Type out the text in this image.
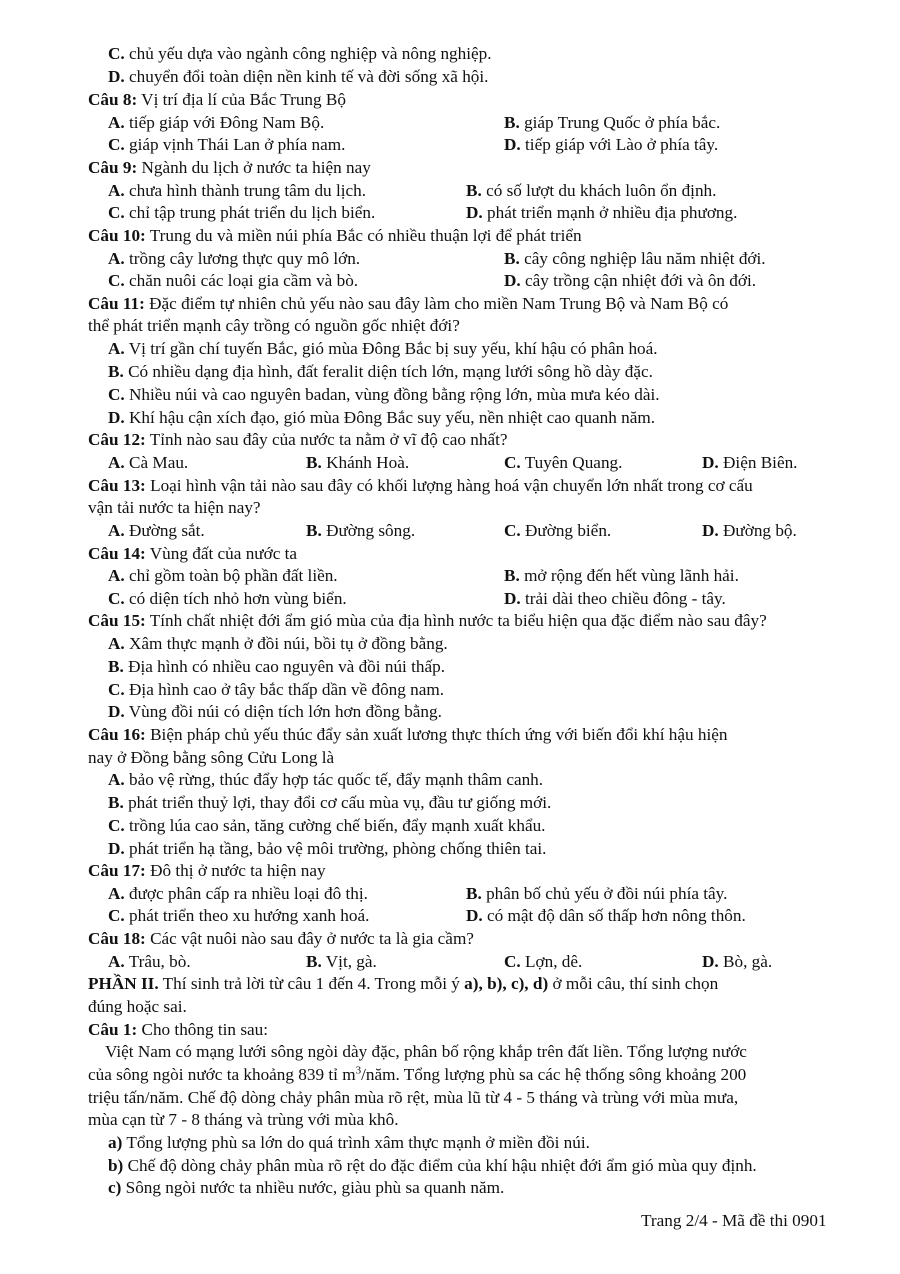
C. chủ yếu dựa vào ngành công nghiệp và nông nghiệp.
D. chuyển đổi toàn diện nền kinh tế và đời sống xã hội.
Câu 8: Vị trí địa lí của Bắc Trung Bộ
A. tiếp giáp với Đông Nam Bộ.	B. giáp Trung Quốc ở phía bắc.
C. giáp vịnh Thái Lan ở phía nam.	D. tiếp giáp với Lào ở phía tây.
Câu 9: Ngành du lịch ở nước ta hiện nay
A. chưa hình thành trung tâm du lịch.	B. có số lượt du khách luôn ổn định.
C. chỉ tập trung phát triển du lịch biển.	D. phát triển mạnh ở nhiều địa phương.
Câu 10: Trung du và miền núi phía Bắc có nhiều thuận lợi để phát triển
A. trồng cây lương thực quy mô lớn.	B. cây công nghiệp lâu năm nhiệt đới.
C. chăn nuôi các loại gia cầm và bò.	D. cây trồng cận nhiệt đới và ôn đới.
Câu 11: Đặc điểm tự nhiên chủ yếu nào sau đây làm cho miền Nam Trung Bộ và Nam Bộ có
thể phát triển mạnh cây trồng có nguồn gốc nhiệt đới?
A. Vị trí gần chí tuyến Bắc, gió mùa Đông Bắc bị suy yếu, khí hậu có phân hoá.
B. Có nhiều dạng địa hình, đất feralit diện tích lớn, mạng lưới sông hồ dày đặc.
C. Nhiều núi và cao nguyên badan, vùng đồng bằng rộng lớn, mùa mưa kéo dài.
D. Khí hậu cận xích đạo, gió mùa Đông Bắc suy yếu, nền nhiệt cao quanh năm.
Câu 12: Tỉnh nào sau đây của nước ta nằm ở vĩ độ cao nhất?
A. Cà Mau.	B. Khánh Hoà.	C. Tuyên Quang.	D. Điện Biên.
Câu 13: Loại hình vận tải nào sau đây có khối lượng hàng hoá vận chuyển lớn nhất trong cơ cấu
vận tải nước ta hiện nay?
A. Đường sắt.	B. Đường sông.	C. Đường biển.	D. Đường bộ.
Câu 14: Vùng đất của nước ta
A. chỉ gồm toàn bộ phần đất liền.	B. mở rộng đến hết vùng lãnh hải.
C. có diện tích nhỏ hơn vùng biển.	D. trải dài theo chiều đông - tây.
Câu 15: Tính chất nhiệt đới ẩm gió mùa của địa hình nước ta biểu hiện qua đặc điểm nào sau đây?
A. Xâm thực mạnh ở đồi núi, bồi tụ ở đồng bằng.
B. Địa hình có nhiều cao nguyên và đồi núi thấp.
C. Địa hình cao ở tây bắc thấp dần về đông nam.
D. Vùng đồi núi có diện tích lớn hơn đồng bằng.
Câu 16: Biện pháp chủ yếu thúc đẩy sản xuất lương thực thích ứng với biến đổi khí hậu hiện
nay ở Đồng bằng sông Cửu Long là
A. bảo vệ rừng, thúc đẩy hợp tác quốc tế, đẩy mạnh thâm canh.
B. phát triển thuỷ lợi, thay đổi cơ cấu mùa vụ, đầu tư giống mới.
C. trồng lúa cao sản, tăng cường chế biến, đẩy mạnh xuất khẩu.
D. phát triển hạ tầng, bảo vệ môi trường, phòng chống thiên tai.
Câu 17: Đô thị ở nước ta hiện nay
A. được phân cấp ra nhiều loại đô thị.	B. phân bố chủ yếu ở đồi núi phía tây.
C. phát triển theo xu hướng xanh hoá.	D. có mật độ dân số thấp hơn nông thôn.
Câu 18: Các vật nuôi nào sau đây ở nước ta là gia cầm?
A. Trâu, bò.	B. Vịt, gà.	C. Lợn, dê.	D. Bò, gà.
PHẦN II. Thí sinh trả lời từ câu 1 đến 4. Trong mỗi ý a), b), c), d) ở mỗi câu, thí sinh chọn
đúng hoặc sai.
Câu 1: Cho thông tin sau:
Việt Nam có mạng lưới sông ngòi dày đặc, phân bố rộng khắp trên đất liền. Tổng lượng nước
của sông ngòi nước ta khoảng 839 tỉ $m^3$/năm. Tổng lượng phù sa các hệ thống sông khoảng 200
triệu tấn/năm. Chế độ dòng chảy phân mùa rõ rệt, mùa lũ từ 4 - 5 tháng và trùng với mùa mưa,
mùa cạn từ 7 - 8 tháng và trùng với mùa khô.
a) Tổng lượng phù sa lớn do quá trình xâm thực mạnh ở miền đồi núi.
b) Chế độ dòng chảy phân mùa rõ rệt do đặc điểm của khí hậu nhiệt đới ẩm gió mùa quy định.
c) Sông ngòi nước ta nhiều nước, giàu phù sa quanh năm.
Trang 2/4 - Mã đề thi 0901
